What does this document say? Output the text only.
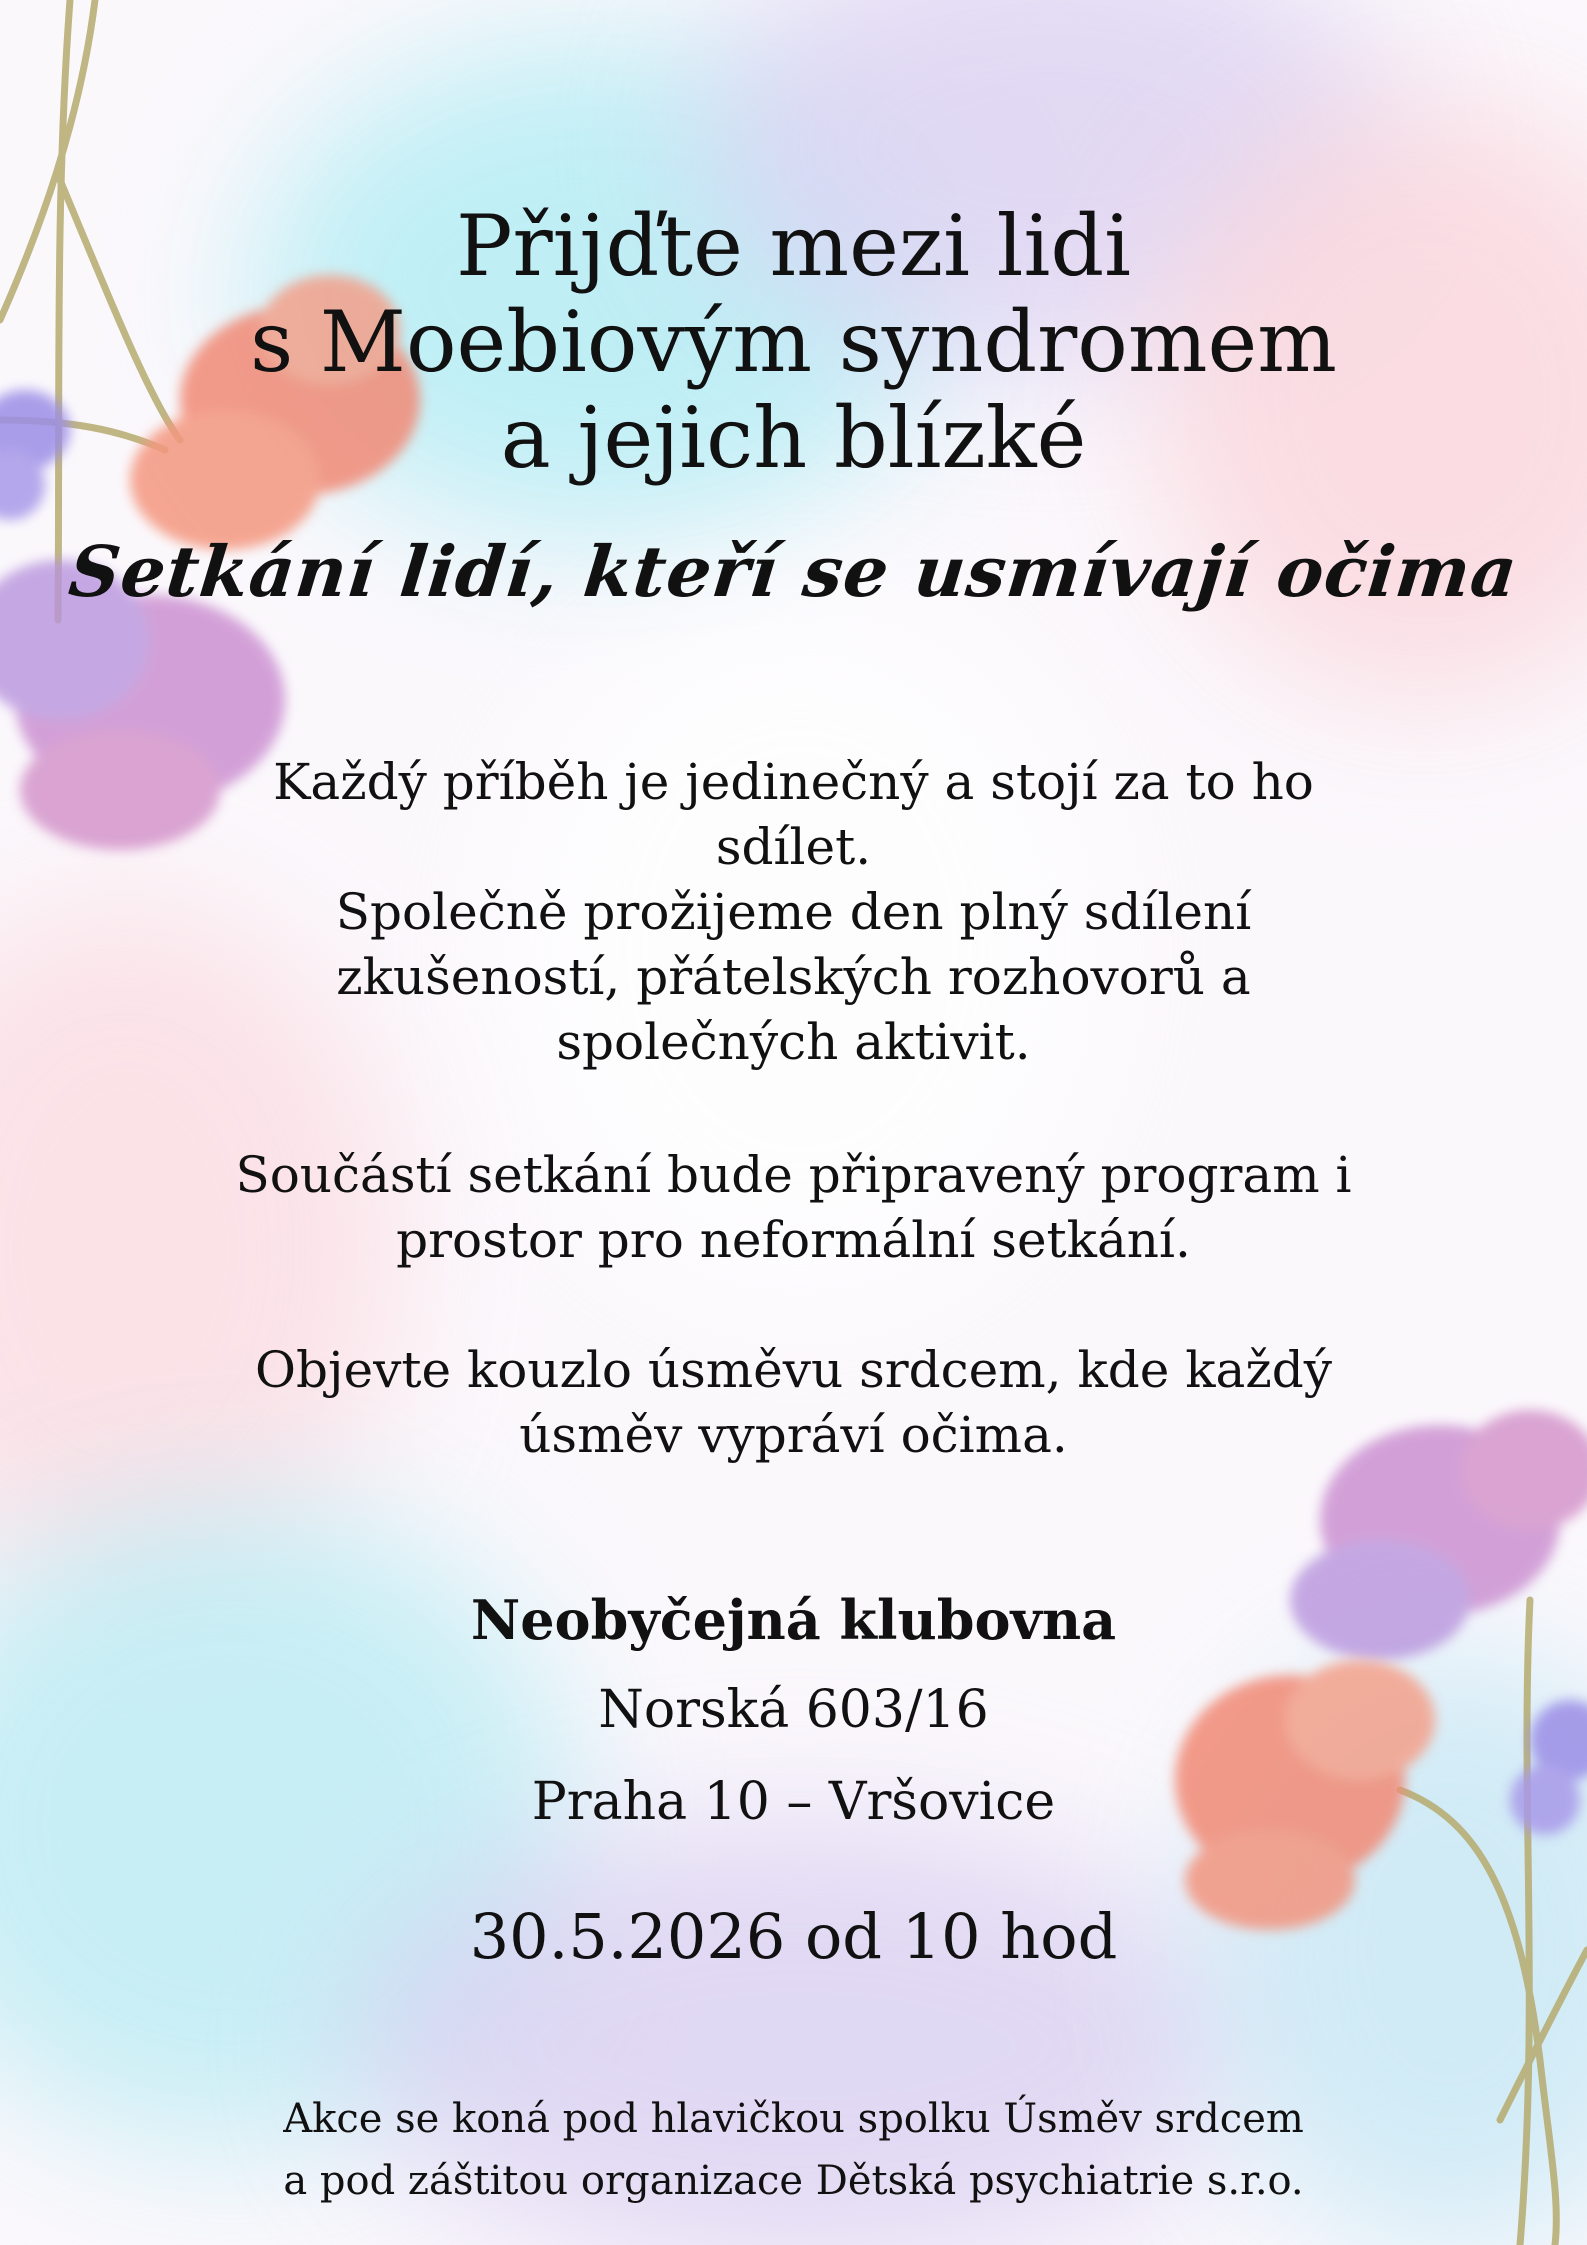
Přijďte mezi lidi
s Moebiovým syndromem
a jejich blízké
Setkání lidí, kteří se usmívají očima
Každý příběh je jedinečný a stojí za to ho
sdílet.
Společně prožijeme den plný sdílení
zkušeností, přátelských rozhovorů a
společných aktivit.
Součástí setkání bude připravený program i
prostor pro neformální setkání.
Objevte kouzlo úsměvu srdcem, kde každý
úsměv vypráví očima.
Neobyčejná klubovna
Norská 603/16
Praha 10 – Vršovice
30.5.2026 od 10 hod
Akce se koná pod hlavičkou spolku Úsměv srdcem
a pod záštitou organizace Dětská psychiatrie s.r.o.
